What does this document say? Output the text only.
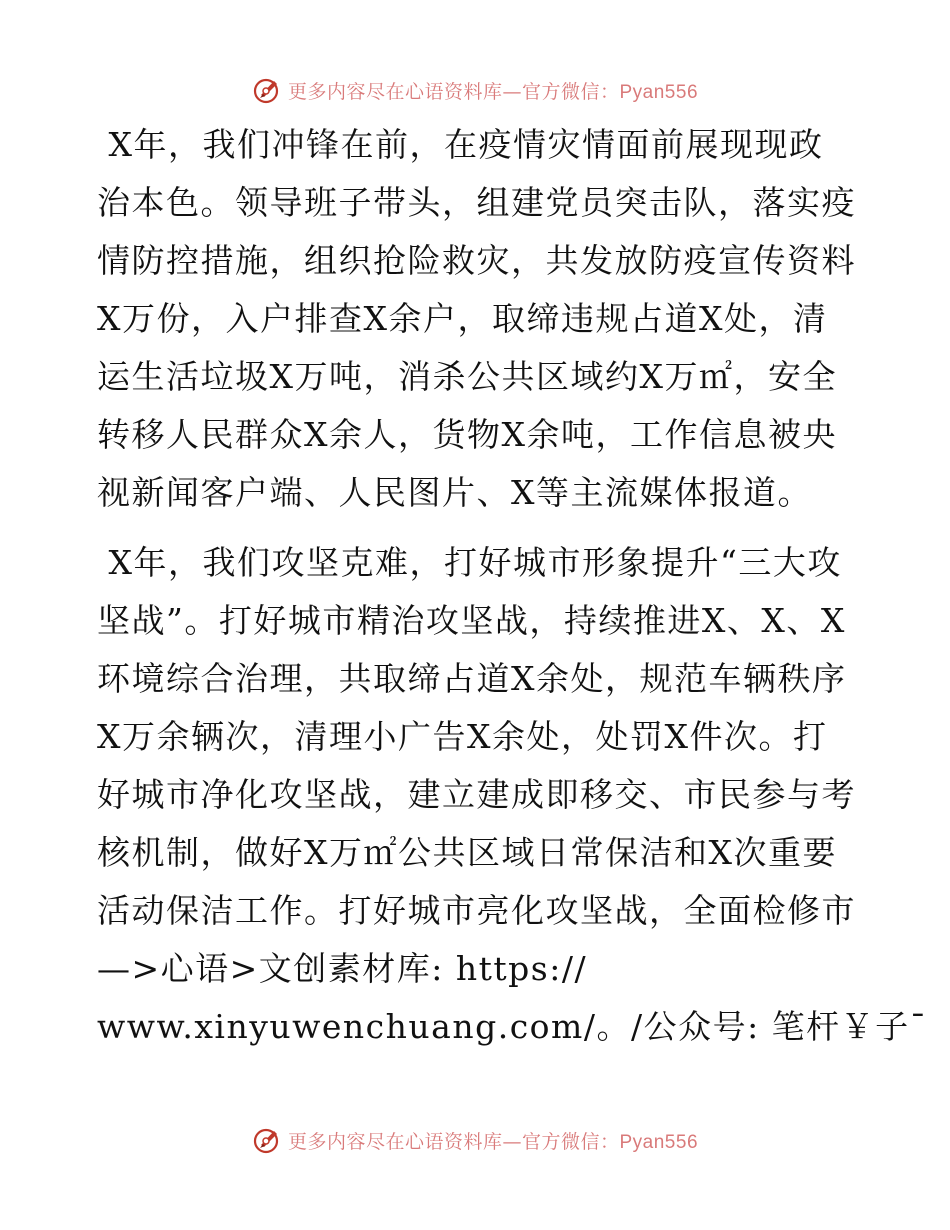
更多内容尽在心语资料库—官方微信：Pyan556

X年，我们冲锋在前，在疫情灾情面前展现现政治本色。领导班子带头，组建党员突击队，落实疫情防控措施，组织抢险救灾，共发放防疫宣传资料X万份，入户排查X余户，取缔违规占道X处，清运生活垃圾X万吨，消杀公共区域约X万㎡，安全转移人民群众X余人，货物X余吨，工作信息被央视新闻客户端、人民图片、X等主流媒体报道。

X年，我们攻坚克难，打好城市形象提升“三大攻坚战”。打好城市精治攻坚战，持续推进X、X、X环境综合治理，共取缔占道X余处，规范车辆秩序X万余辆次，清理小广告X余处，处罚X件次。打好城市净化攻坚战，建立建成即移交、市民参与考核机制，做好X万㎡公共区域日常保洁和X次重要活动保洁工作。打好城市亮化攻坚战，全面检修市

—>心语>文创素材库: https://

www.xinyuwenchuang.com/。/公众号: 笔杆￥子¯

更多内容尽在心语资料库—官方微信：Pyan556
